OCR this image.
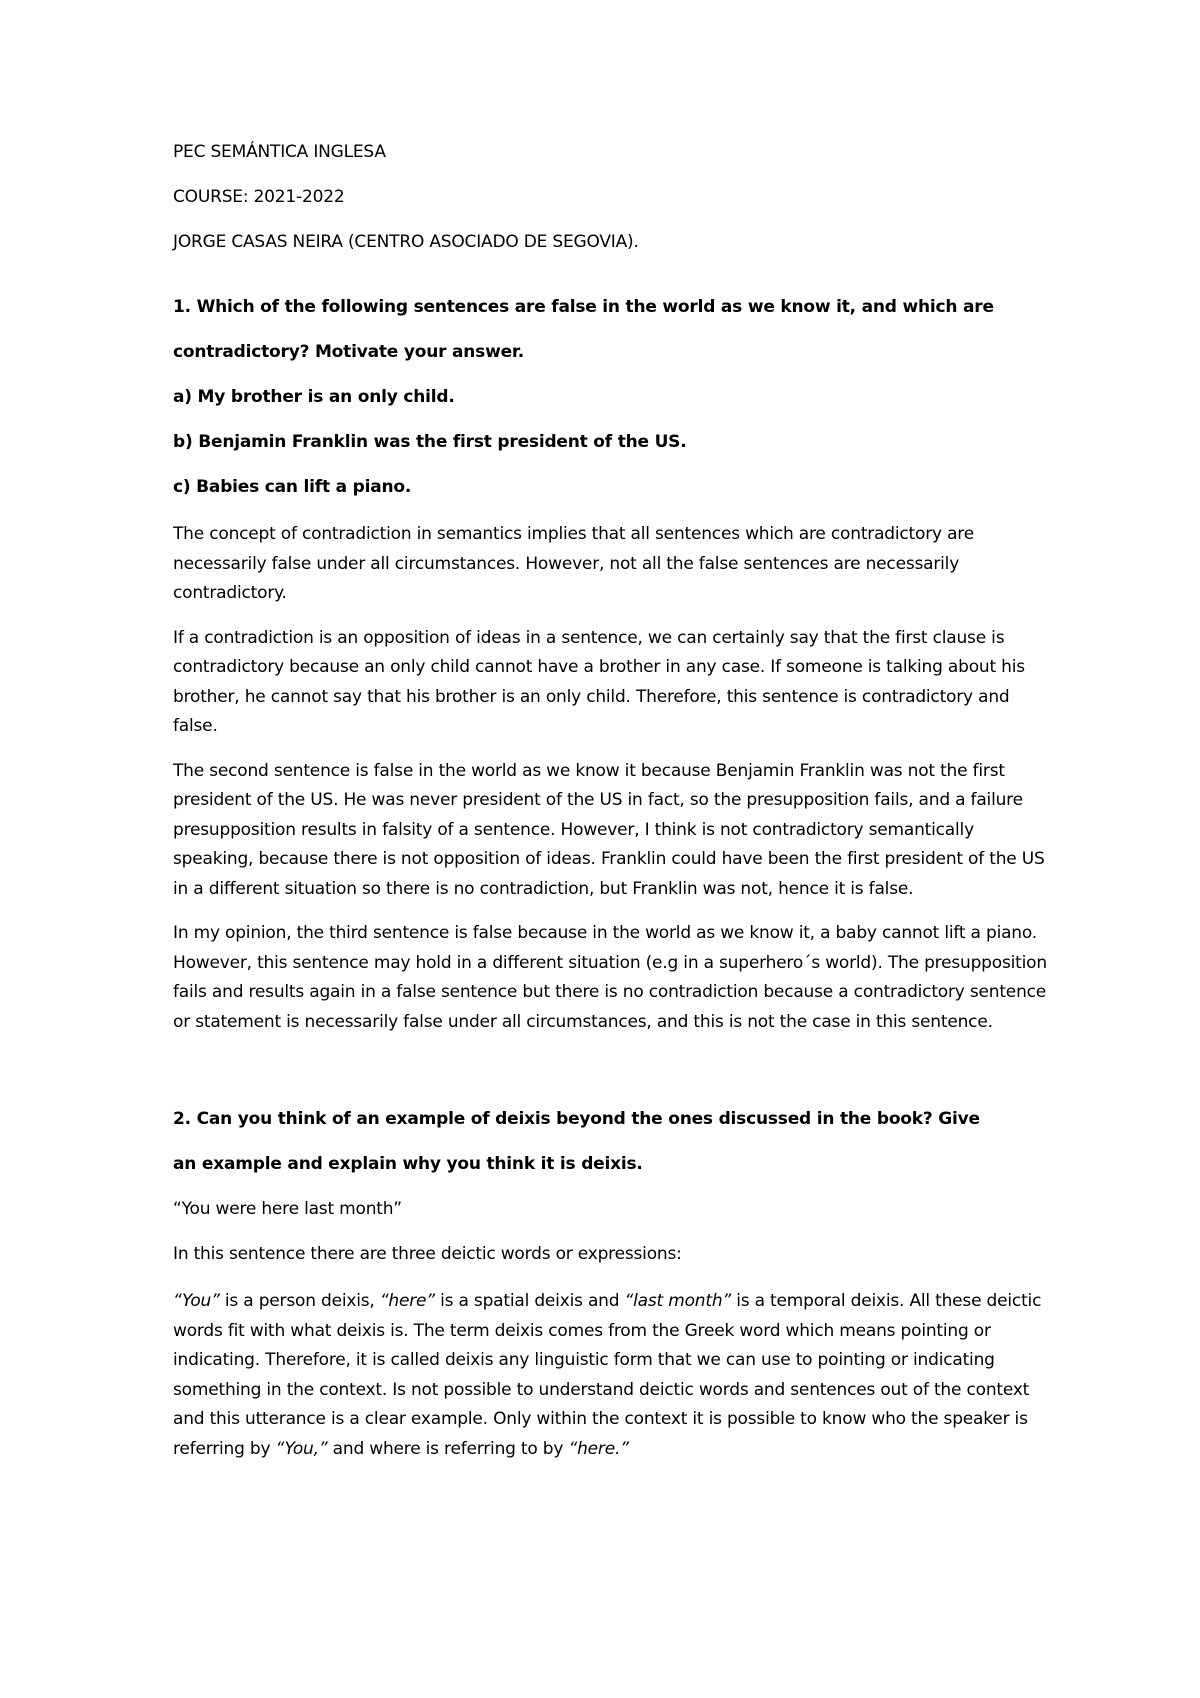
PEC SEMÁNTICA INGLESA
COURSE: 2021-2022
JORGE CASAS NEIRA (CENTRO ASOCIADO DE SEGOVIA).
1. Which of the following sentences are false in the world as we know it, and which are
contradictory? Motivate your answer.
a) My brother is an only child.
b) Benjamin Franklin was the first president of the US.
c) Babies can lift a piano.

The concept of contradiction in semantics implies that all sentences which are contradictory are necessarily false under all circumstances. However, not all the false sentences are necessarily contradictory.

If a contradiction is an opposition of ideas in a sentence, we can certainly say that the first clause is contradictory because an only child cannot have a brother in any case. If someone is talking about his brother, he cannot say that his brother is an only child. Therefore, this sentence is contradictory and false.

The second sentence is false in the world as we know it because Benjamin Franklin was not the first president of the US. He was never president of the US in fact, so the presupposition fails, and a failure presupposition results in falsity of a sentence. However, I think is not contradictory semantically speaking, because there is not opposition of ideas. Franklin could have been the first president of the US in a different situation so there is no contradiction, but Franklin was not, hence it is false.

In my opinion, the third sentence is false because in the world as we know it, a baby cannot lift a piano. However, this sentence may hold in a different situation (e.g in a superhero´s world). The presupposition fails and results again in a false sentence but there is no contradiction because a contradictory sentence or statement is necessarily false under all circumstances, and this is not the case in this sentence.

2. Can you think of an example of deixis beyond the ones discussed in the book? Give
an example and explain why you think it is deixis.
“You were here last month”
In this sentence there are three deictic words or expressions:

“You” is a person deixis, “here” is a spatial deixis and “last month” is a temporal deixis. All these deictic words fit with what deixis is. The term deixis comes from the Greek word which means pointing or indicating. Therefore, it is called deixis any linguistic form that we can use to pointing or indicating something in the context. Is not possible to understand deictic words and sentences out of the context and this utterance is a clear example. Only within the context it is possible to know who the speaker is referring by “You,” and where is referring to by “here.”
